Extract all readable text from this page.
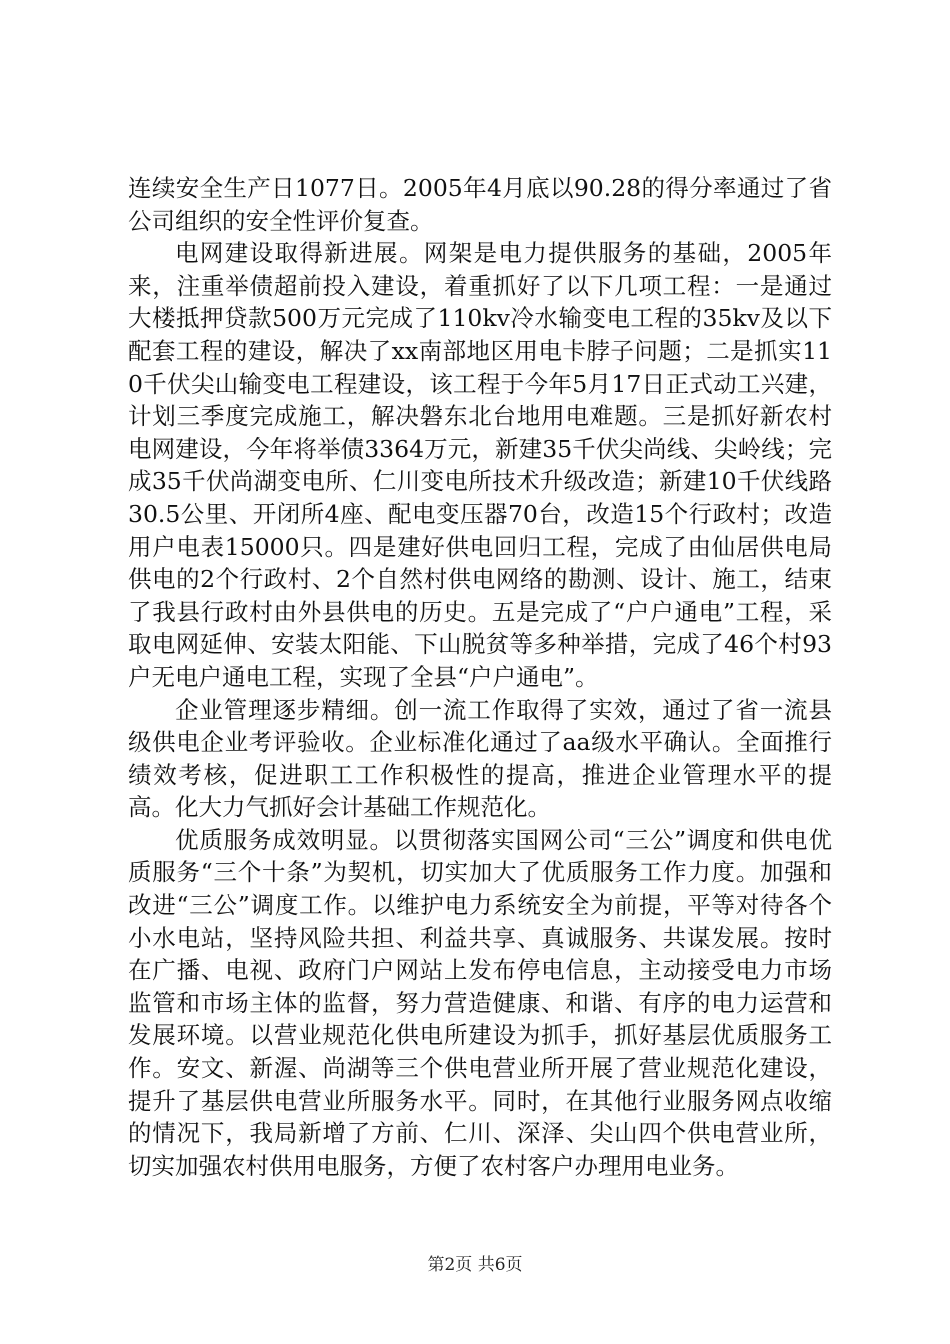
连续安全生产日1077日。2005年4月底以90.28的得分率通过了省公司组织的安全性评价复查。

电网建设取得新进展。网架是电力提供服务的基础，2005年来，注重举债超前投入建设，着重抓好了以下几项工程：一是通过大楼抵押贷款500万元完成了110kv冷水输变电工程的35kv及以下配套工程的建设，解决了xx南部地区用电卡脖子问题；二是抓实110千伏尖山输变电工程建设，该工程于今年5月17日正式动工兴建，计划三季度完成施工，解决磐东北台地用电难题。三是抓好新农村电网建设，今年将举债3364万元，新建35千伏尖尚线、尖岭线；完成35千伏尚湖变电所、仁川变电所技术升级改造；新建10千伏线路30.5公里、开闭所4座、配电变压器70台，改造15个行政村；改造用户电表15000只。四是建好供电回归工程，完成了由仙居供电局供电的2个行政村、2个自然村供电网络的勘测、设计、施工，结束了我县行政村由外县供电的历史。五是完成了“户户通电”工程，采取电网延伸、安装太阳能、下山脱贫等多种举措，完成了46个村93户无电户通电工程，实现了全县“户户通电”。

企业管理逐步精细。创一流工作取得了实效，通过了省一流县级供电企业考评验收。企业标准化通过了aa级水平确认。全面推行绩效考核，促进职工工作积极性的提高，推进企业管理水平的提高。化大力气抓好会计基础工作规范化。

优质服务成效明显。以贯彻落实国网公司“三公”调度和供电优质服务“三个十条”为契机，切实加大了优质服务工作力度。加强和改进“三公”调度工作。以维护电力系统安全为前提，平等对待各个小水电站，坚持风险共担、利益共享、真诚服务、共谋发展。按时在广播、电视、政府门户网站上发布停电信息，主动接受电力市场监管和市场主体的监督，努力营造健康、和谐、有序的电力运营和发展环境。以营业规范化供电所建设为抓手，抓好基层优质服务工作。安文、新渥、尚湖等三个供电营业所开展了营业规范化建设，提升了基层供电营业所服务水平。同时，在其他行业服务网点收缩的情况下，我局新增了方前、仁川、深泽、尖山四个供电营业所，切实加强农村供用电服务，方便了农村客户办理用电业务。

第2页 共6页
